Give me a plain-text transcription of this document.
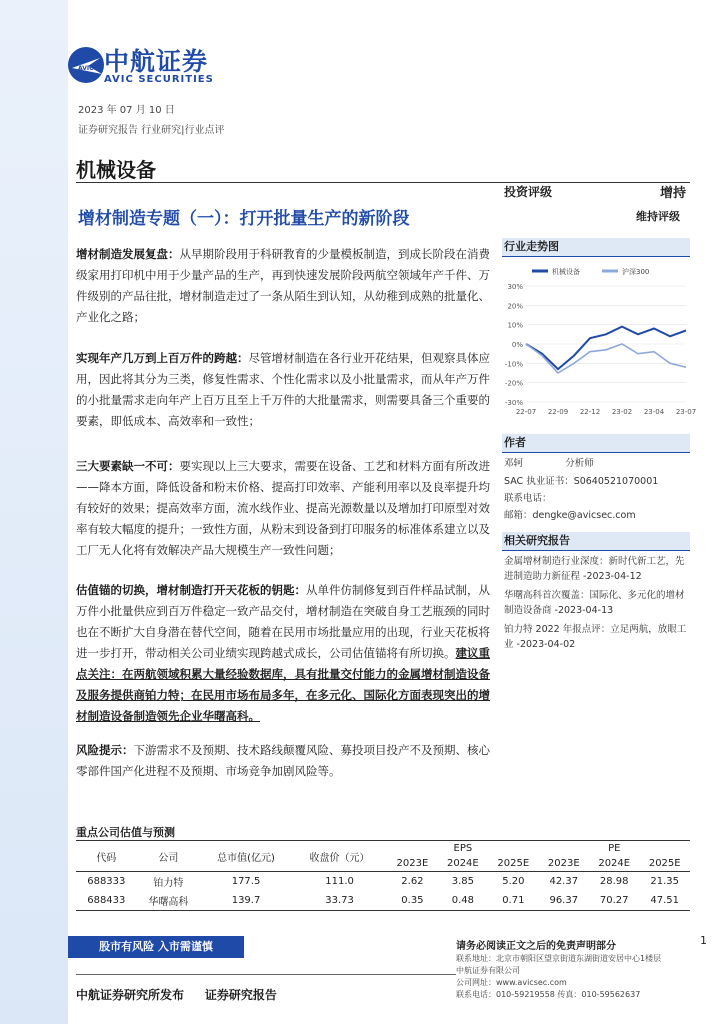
AVIC 中航证券
AVIC SECURITIES
2023 年 07 月 10 日
证券研究报告 行业研究|行业点评
机械设备
投资评级	增持
维持评级
增材制造专题（一）：打开批量生产的新阶段
增材制造发展复盘：从早期阶段用于科研教育的少量模板制造，到成长阶段在消费级家用打印机中用于少量产品的生产，再到快速发展阶段两航空领域年产千件、万件级别的产品往批，增材制造走过了一条从陌生到认知，从幼稚到成熟的批量化、产业化之路；
实现年产几万到上百万件的跨越：尽管增材制造在各行业开花结果，但观察具体应用，因此将其分为三类，修复性需求、个性化需求以及小批量需求，而从年产万件的小批量需求走向年产上百万且至上千万件的大批量需求，则需要具备三个重要的要素，即低成本、高效率和一致性；
三大要素缺一不可：要实现以上三大要求，需要在设备、工艺和材料方面有所改进——降本方面，降低设备和粉末价格、提高打印效率、产能利用率以及良率提升均有较好的效果；提高效率方面，流水线作业、提高光源数量以及增加打印原型对效率有较大幅度的提升；一致性方面，从粉末到设备到打印服务的标准体系建立以及工厂无人化将有效解决产品大规模生产一致性问题；
估值锚的切换，增材制造打开天花板的钥匙：从单件仿制修复到百件样品试制，从万件小批量供应到百万件稳定一致产品交付，增材制造在突破自身工艺瓶颈的同时也在不断扩大自身潜在替代空间，随着在民用市场批量应用的出现，行业天花板将进一步打开，带动相关公司业绩实现跨越式成长，公司估值锚将有所切换。建议重点关注：在两航领域积累大量经验数据库，具有批量交付能力的金属增材制造设备及服务提供商铂力特；在民用市场布局多年，在多元化、国际化方面表现突出的增材制造设备制造领先企业华曙高科。
风险提示：下游需求不及预期、技术路线颠覆风险、募投项目投产不及预期、核心零部件国产化进程不及预期、市场竞争加剧风险等。
行业走势图
30%
20%
10%
0%
-10%
-20%
-30%
22-07 22-09 22-12 23-02 23-04 23-07
机械设备	沪深300
作者
邓轲	分析师
SAC 执业证书：S0640521070001
联系电话：
邮箱：dengke@avicsec.com
相关研究报告
金属增材制造行业深度：新时代新工艺，先进制造助力新征程 -2023-04-12
华曙高科首次覆盖：国际化、多元化的增材制造设备商 -2023-04-13
铂力特 2022 年报点评：立足两航，放眼工业 -2023-04-02
重点公司估值与预测
代码	公司	总市值(亿元)	收盘价（元）	EPS			PE		
				2023E	2024E	2025E	2023E	2024E	2025E
688333	铂力特	177.5	111.0	2.62	3.85	5.20	42.37	28.98	21.35
688433	华曙高科	139.7	33.73	0.35	0.48	0.71	96.37	70.27	47.51
股市有风险 入市需谨慎	1
请务必阅读正文之后的免责声明部分
联系地址：北京市朝阳区望京街道东湖街道安居中心1楼层
中航证券有限公司
公司网址：www.avicsec.com
联系电话：010-59219558 传真：010-59562637
中航证券研究所发布 证券研究报告
